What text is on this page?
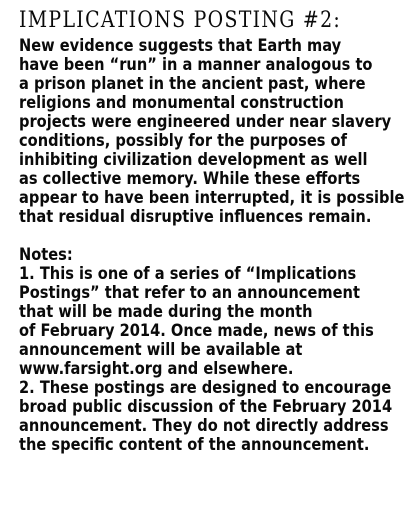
IMPLICATIONS POSTING #2:
New evidence suggests that Earth may
have been “run” in a manner analogous to
a prison planet in the ancient past, where
religions and monumental construction
projects were engineered under near slavery
conditions, possibly for the purposes of
inhibiting civilization development as well
as collective memory. While these efforts
appear to have been interrupted, it is possible
that residual disruptive influences remain.
Notes:
1. This is one of a series of “Implications
Postings” that refer to an announcement
that will be made during the month
of February 2014. Once made, news of this
announcement will be available at
www.farsight.org and elsewhere.
2. These postings are designed to encourage
broad public discussion of the February 2014
announcement. They do not directly address
the specific content of the announcement.
